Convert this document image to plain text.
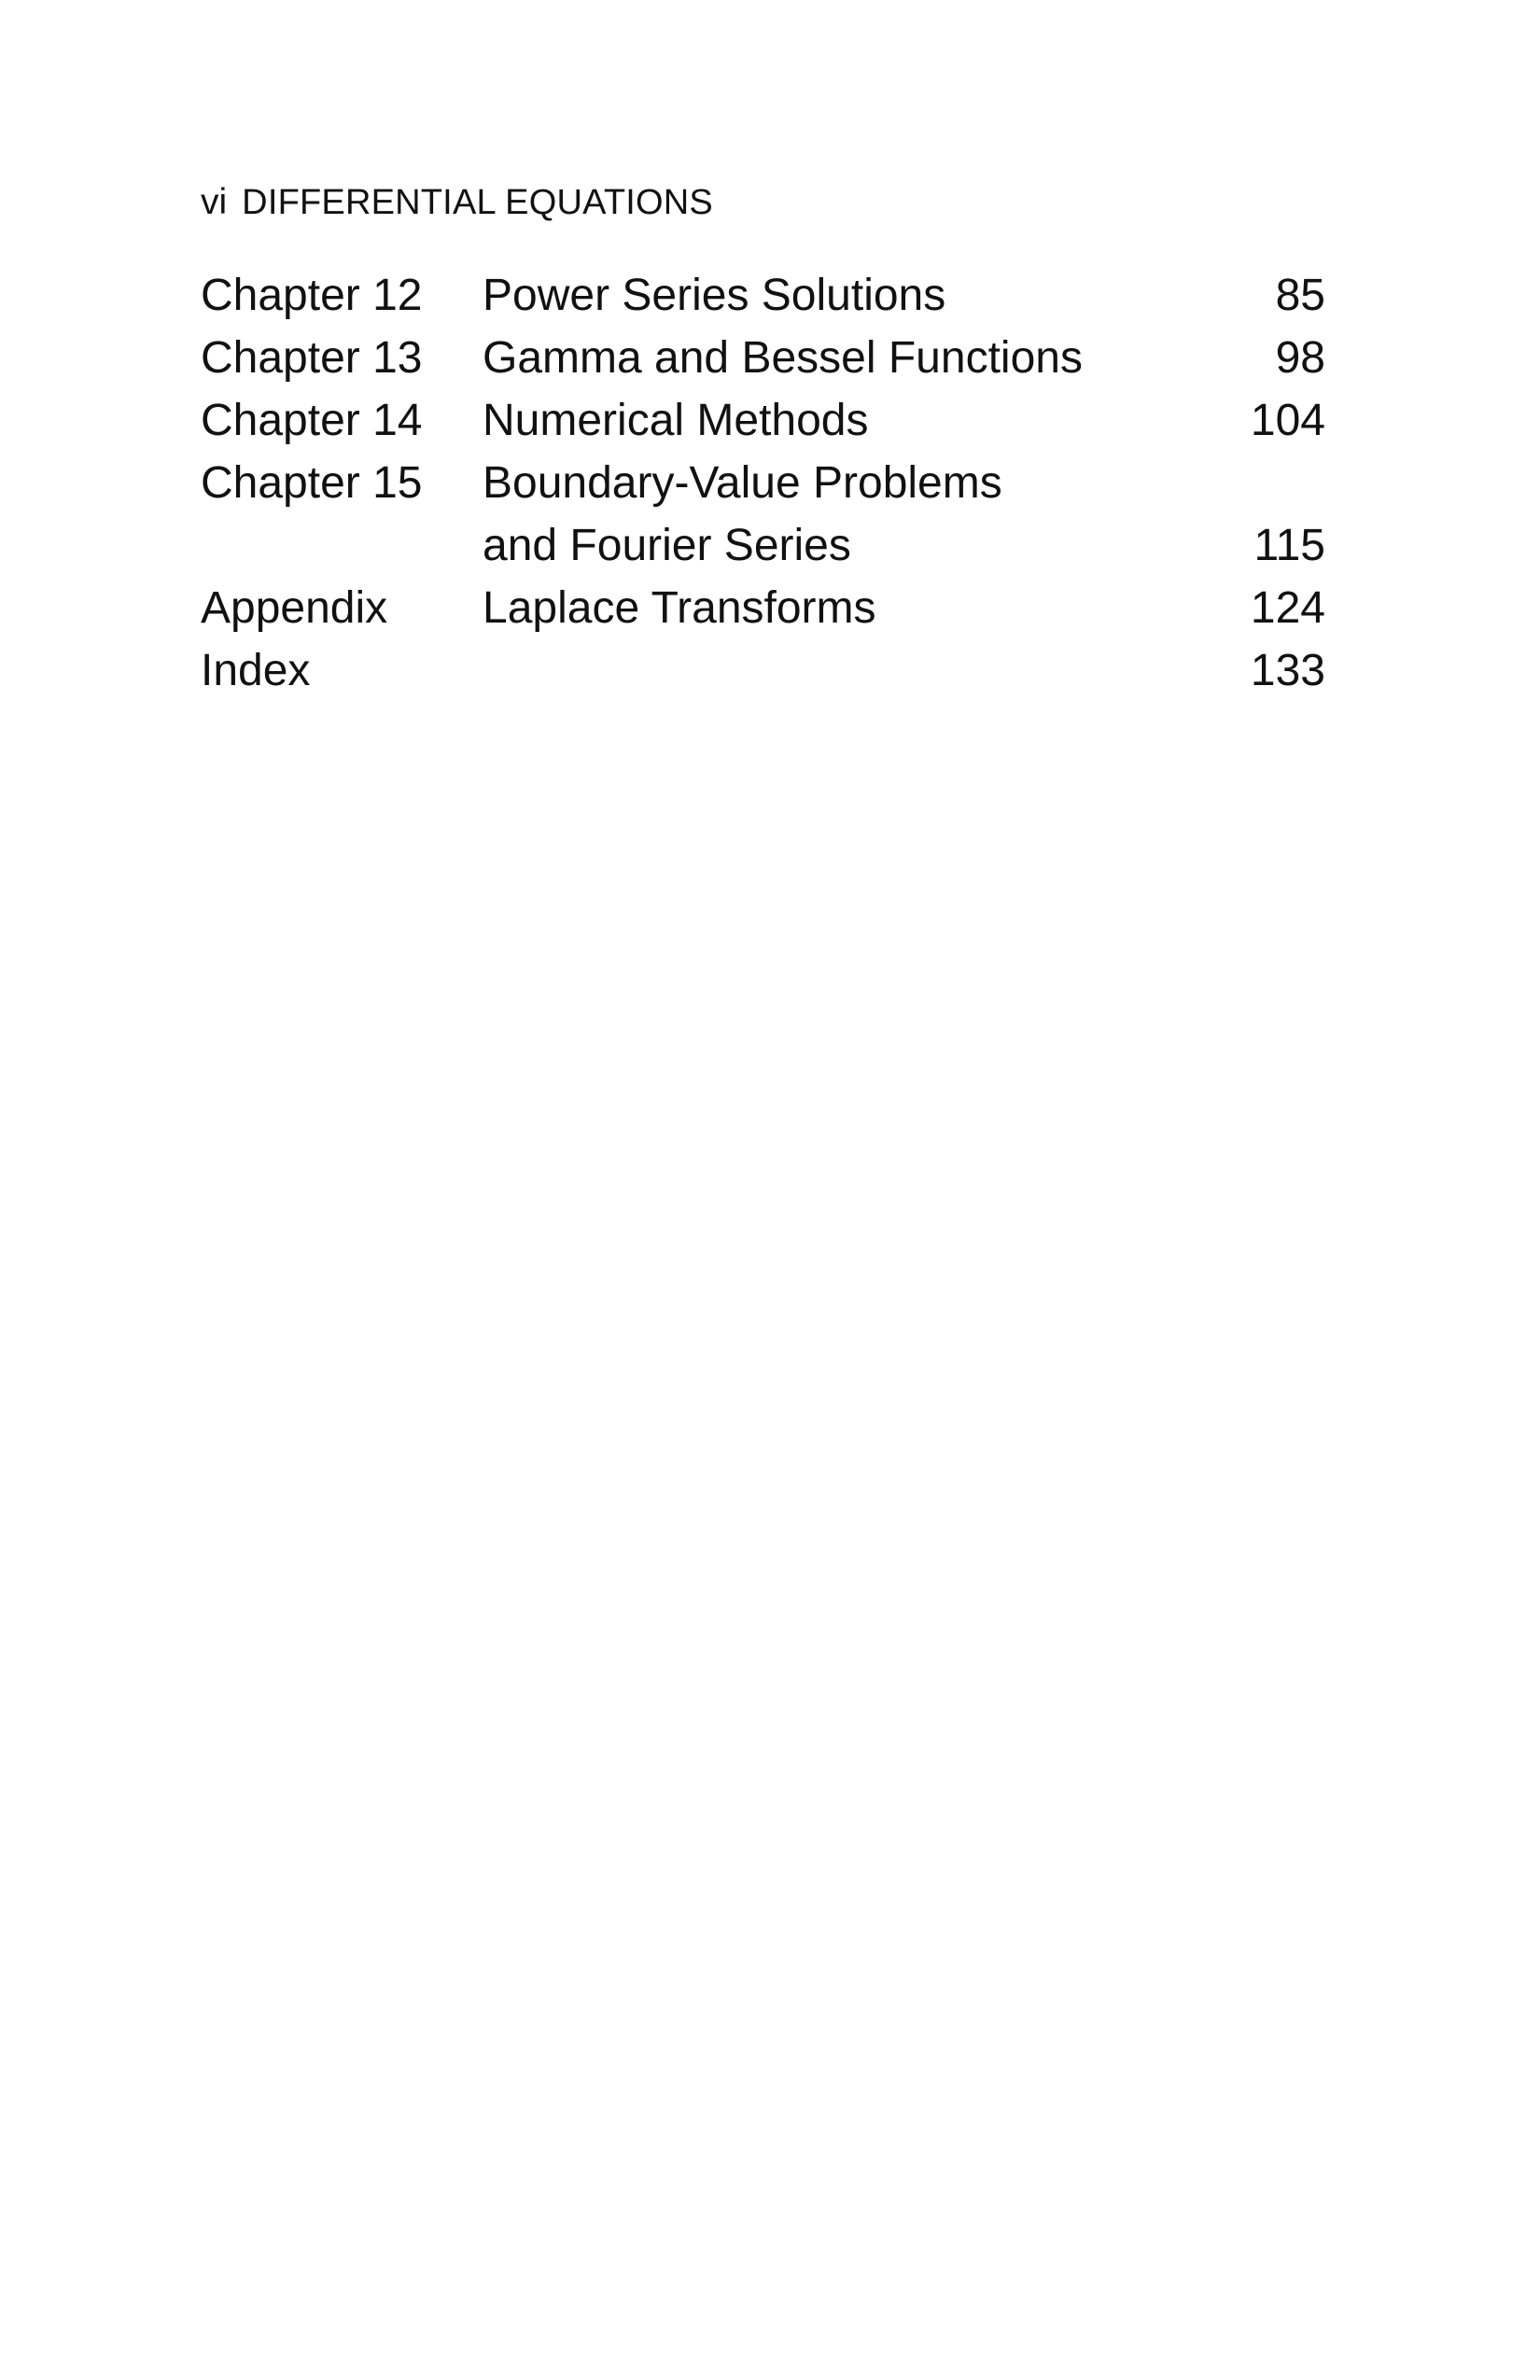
vi DIFFERENTIAL EQUATIONS
Chapter 12 Power Series Solutions	85
Chapter 13 Gamma and Bessel Functions	98
Chapter 14 Numerical Methods	104
Chapter 15 Boundary-Value Problems
and Fourier Series	115
Appendix Laplace Transforms	124
Index	133
